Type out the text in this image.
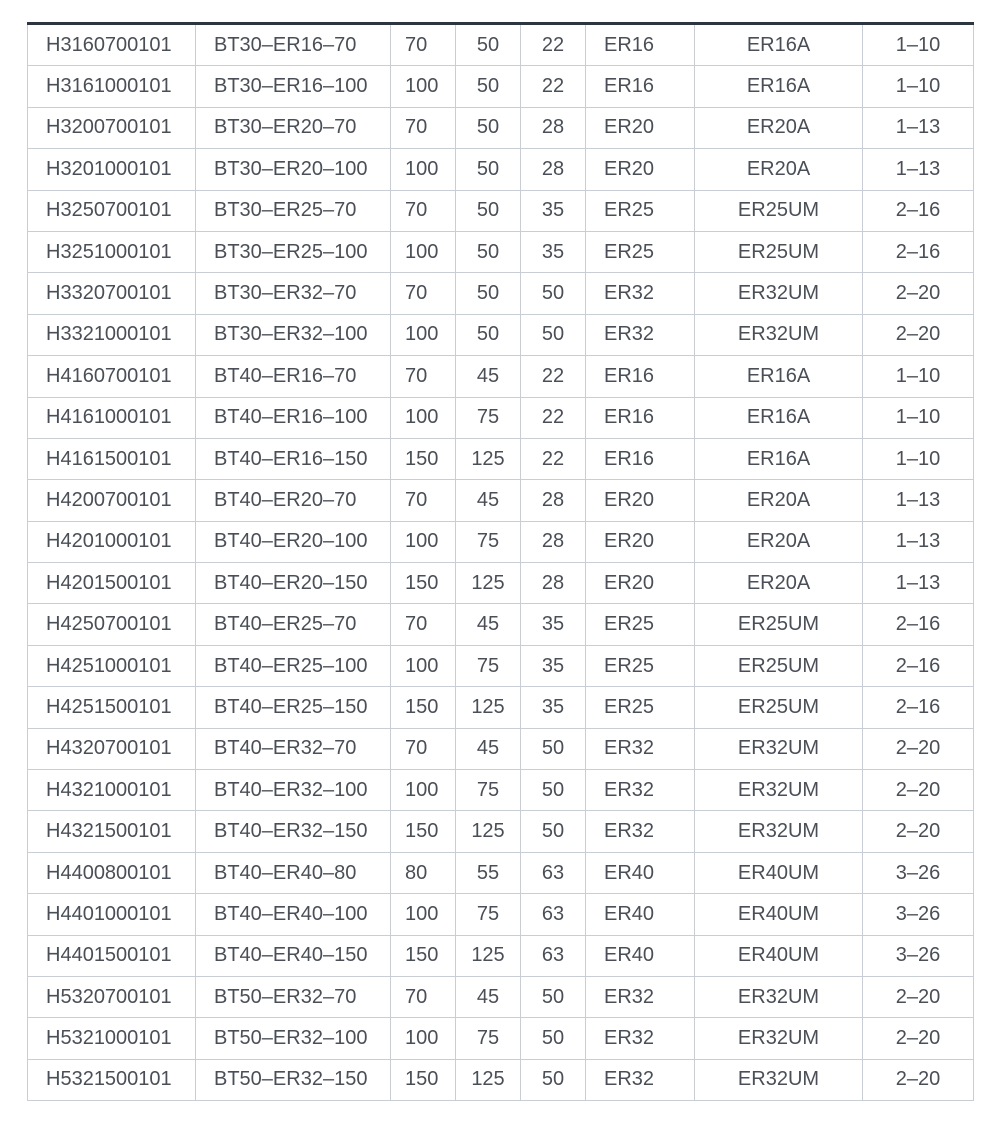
H3160700101	BT30–ER16–70	70	50	22	ER16	ER16A	1–10
H3161000101	BT30–ER16–100	100	50	22	ER16	ER16A	1–10
H3200700101	BT30–ER20–70	70	50	28	ER20	ER20A	1–13
H3201000101	BT30–ER20–100	100	50	28	ER20	ER20A	1–13
H3250700101	BT30–ER25–70	70	50	35	ER25	ER25UM	2–16
H3251000101	BT30–ER25–100	100	50	35	ER25	ER25UM	2–16
H3320700101	BT30–ER32–70	70	50	50	ER32	ER32UM	2–20
H3321000101	BT30–ER32–100	100	50	50	ER32	ER32UM	2–20
H4160700101	BT40–ER16–70	70	45	22	ER16	ER16A	1–10
H4161000101	BT40–ER16–100	100	75	22	ER16	ER16A	1–10
H4161500101	BT40–ER16–150	150	125	22	ER16	ER16A	1–10
H4200700101	BT40–ER20–70	70	45	28	ER20	ER20A	1–13
H4201000101	BT40–ER20–100	100	75	28	ER20	ER20A	1–13
H4201500101	BT40–ER20–150	150	125	28	ER20	ER20A	1–13
H4250700101	BT40–ER25–70	70	45	35	ER25	ER25UM	2–16
H4251000101	BT40–ER25–100	100	75	35	ER25	ER25UM	2–16
H4251500101	BT40–ER25–150	150	125	35	ER25	ER25UM	2–16
H4320700101	BT40–ER32–70	70	45	50	ER32	ER32UM	2–20
H4321000101	BT40–ER32–100	100	75	50	ER32	ER32UM	2–20
H4321500101	BT40–ER32–150	150	125	50	ER32	ER32UM	2–20
H4400800101	BT40–ER40–80	80	55	63	ER40	ER40UM	3–26
H4401000101	BT40–ER40–100	100	75	63	ER40	ER40UM	3–26
H4401500101	BT40–ER40–150	150	125	63	ER40	ER40UM	3–26
H5320700101	BT50–ER32–70	70	45	50	ER32	ER32UM	2–20
H5321000101	BT50–ER32–100	100	75	50	ER32	ER32UM	2–20
H5321500101	BT50–ER32–150	150	125	50	ER32	ER32UM	2–20
